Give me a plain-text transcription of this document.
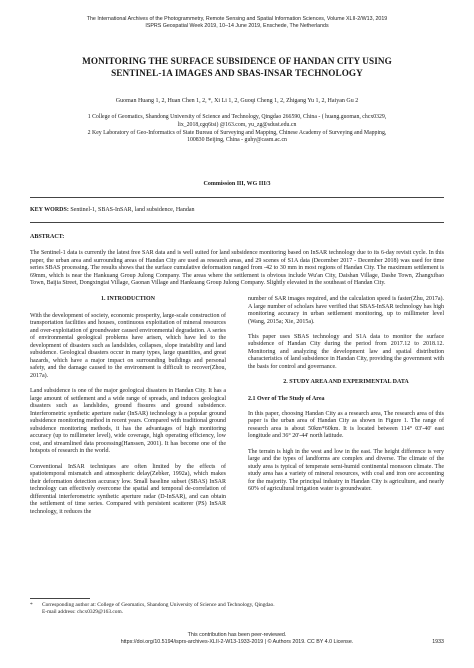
The International Archives of the Photogrammetry, Remote Sensing and Spatial Information Sciences, Volume XLII-2/W13, 2019
ISPRS Geospatial Week 2019, 10–14 June 2019, Enschede, The Netherlands
MONITORING THE SURFACE SUBSIDENCE OF HANDAN CITY USING
SENTINEL-1A IMAGES AND SBAS-INSAR TECHNOLOGY
Guoman Huang 1, 2, Huan Chen 1, 2, *, Xi Li 1, 2, Guoqi Cheng 1, 2, Zhigang Yu 1, 2, Haiyan Gu 2
1 College of Geomatics, Shandong University of Science and Technology, Qingdao 266590, China - ( huang.guoman, chcx0329,
lix_2018,cgq6tsi) @163.com, yu_zg@sdust.edu.cn
2 Key Laboratory of Geo-Informatics of State Bureau of Surveying and Mapping, Chinese Academy of Surveying and Mapping,
100830 Beijing, China - guhy@casm.ac.cn
Commission III, WG III/3
KEY WORDS: Sentinel-1, SBAS-InSAR, land subsidence, Handan
ABSTRACT:
The Sentinel-1 data is currently the latest free SAR data and is well suited for land subsidence monitoring based on InSAR technology due to its 6-day revisit cycle. In this paper, the urban area and surrounding areas of Handan City are used as research areas, and 29 scenes of S1A data (December 2017 - December 2018) was used for time series SBAS processing. The results shows that the surface cumulative deformation ranged from -42 to 30 mm in most regions of Handan City. The maximum settlement is 69mm, which is near the Hankuang Group Julong Company. The areas where the settlement is obvious include Wu'an City, Daishan Village, Dashe Town, Zhangxibao Town, Baijia Street, Dongxingtai Village, Gaonan Village and Hankuang Group Julong Company. Slightly elevated in the southeast of Handan City.
1. INTRODUCTION

With the development of society, economic prosperity, large-scale construction of transportation facilities and houses, continuous exploitation of mineral resources and over-exploitation of groundwater caused environmental degradation. A series of environmental geological problems have arisen, which have led to the development of disasters such as landslides, collapses, slope instability and land subsidence. Geological disasters occur in many types, large quantities, and great hazards, which have a major impact on surrounding buildings and personal safety, and the damage caused to the environment is difficult to recover(Zhou, 2017a).

Land subsidence is one of the major geological disasters in Handan City. It has a large amount of settlement and a wide range of spreads, and induces geological disasters such as landslides, ground fissures and ground subsidence. Interferometric synthetic aperture radar (InSAR) technology is a popular ground subsidence monitoring method in recent years. Compared with traditional ground subsidence monitoring methods, it has the advantages of high monitoring accuracy (up to millimeter level), wide coverage, high operating efficiency, low cost, and streamlined data processing(Hanssen, 2001). It has become one of the hotspots of research in the world.

Conventional InSAR techniques are often limited by the effects of spatiotemporal mismatch and atmospheric delay(Zebker, 1992a), which makes their deformation detection accuracy low. Small baseline subset (SBAS) InSAR technology can effectively overcome the spatial and temporal de-correlation of differential interferometric synthetic aperture radar (D-InSAR), and can obtain the settlement of time series. Compared with persistent scatterer (PS) InSAR technology, it reduces the

number of SAR images required, and the calculation speed is faster(Zhu, 2017a). A large number of scholars have verified that SBAS-InSAR technology has high monitoring accuracy in urban settlement monitoring, up to millimeter level (Wang, 2015a; Xie, 2015a).

This paper uses SBAS technology and S1A data to monitor the surface subsidence of Handan City during the period from 2017.12 to 2018.12. Monitoring and analyzing the development law and spatial distribution characteristics of land subsidence in Handan City, providing the government with the basis for control and governance.

2. STUDY AREA AND EXPERIMENTAL DATA
2.1 Over of The Study of Area

In this paper, choosing Handan City as a research area, The research area of this paper is the urban area of Handan City as shown in Figure 1. The range of research area is about 50km*60km. It is located between 114° 03'-40' east longitude and 36° 20'-44' north latitude.

The terrain is high in the west and low in the east. The height difference is very large and the types of landforms are complex and diverse. The climate of the study area is typical of temperate semi-humid continental monsoon climate. The study area has a variety of mineral resources, with coal and iron ore accounting for the majority. The principal industry in Handan City is agriculture, and nearly 60% of agricultural irrigation water is groundwater.

* Corresponding author at: College of Geomatics, Shandong University of Science and Technology, Qingdao.
E-mail address: chcx0329@163.com.
This contribution has been peer-reviewed.
https://doi.org/10.5194/isprs-archives-XLII-2-W13-1933-2019 | © Authors 2019. CC BY 4.0 License.	1933
